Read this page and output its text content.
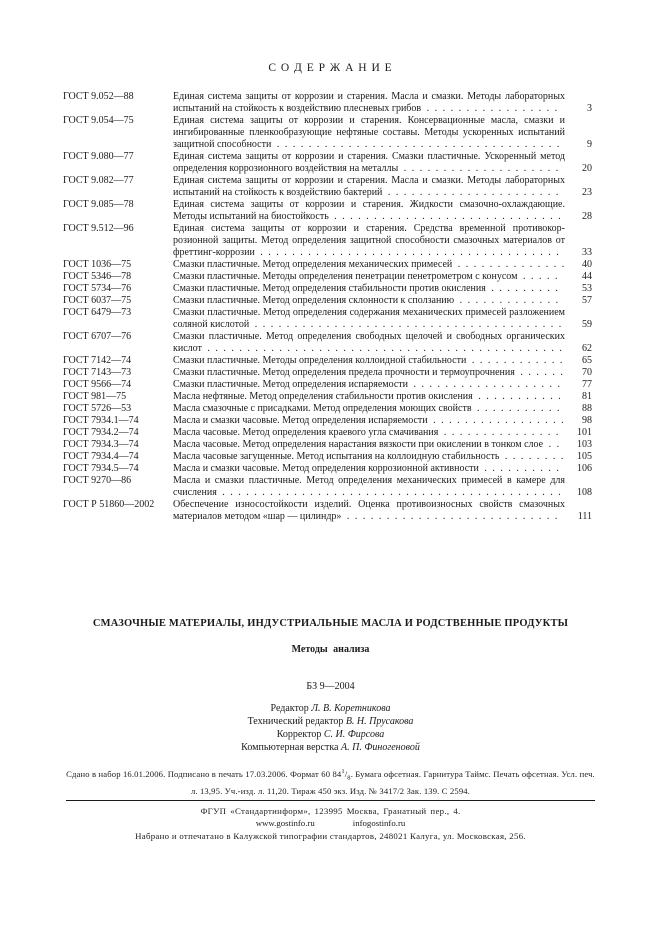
С О Д Е Р Ж А Н И Е
ГОСТ 9.052—88	Единая система защиты от коррозии и старения. Масла и смазки. Методы лабораторных испытаний на стойкость к воздействию плесневых грибов . . . . . . . . . . . . . . . . .	3
ГОСТ 9.054—75	Единая система защиты от коррозии и старения. Консервационные масла, смазки и ингибированные пленкообразующие нефтяные составы. Методы ускоренных испытаний защитной способности . . . . . . . . . . . . . . . . . . . . . . . . . . . . . . . . . . . .	9
ГОСТ 9.080—77	Единая система защиты от коррозии и старения. Смазки пластичные. Ускоренный метод определения коррозионного воздействия на металлы . . . . . . . . . . . . . . . . . . . .	20
ГОСТ 9.082—77	Единая система защиты от коррозии и старения. Масла и смазки. Методы лабораторных испытаний на стойкость к воздействию бактерий . . . . . . . . . . . . . . . . . . . . . .	23
ГОСТ 9.085—78	Единая система защиты от коррозии и старения. Жидкости смазочно-охлаждающие. Методы испытаний на биостойкость . . . . . . . . . . . . . . . . . . . . . . . . . . . . .	28
ГОСТ 9.512—96	Единая система защиты от коррозии и старения. Средства временной противокоррозионной защиты. Метод определения защитной способности смазочных материалов от фреттинг-коррозии . . . . . . . . . . . . . . . . . . . . . . . . . . . . . . . . . . . . . .	33
ГОСТ 1036—75	Смазки пластичные. Метод определения механических примесей . . . . . . . . . . . . . . 40
ГОСТ 5346—78	Смазки пластичные. Методы определения пенетрации пенетрометром с конусом . . . . .	44
ГОСТ 5734—76	Смазки пластичные. Метод определения стабильности против окисления . . . . . . . . .	53
ГОСТ 6037—75	Смазки пластичные. Метод определения склонности к сползанию . . . . . . . . . . . . .	57
ГОСТ 6479—73	Смазки пластичные. Метод определения содержания механических примесей разложением соляной кислотой . . . . . . . . . . . . . . . . . . . . . . . . . . . . . . . . . . . . . . .	59
ГОСТ 6707—76	Смазки пластичные. Метод определения свободных щелочей и свободных органических кислот . . . . . . . . . . . . . . . . . . . . . . . . . . . . . . . . . . . . . . . . . . . . .	62
ГОСТ 7142—74	Смазки пластичные. Методы определения коллоидной стабильности . . . . . . . . . . . . 65
ГОСТ 7143—73	Смазки пластичные. Метод определения предела прочности и термоупрочнения . . . . . . 70
ГОСТ 9566—74	Смазки пластичные. Метод определения испаряемости . . . . . . . . . . . . . . . . . . .	77
ГОСТ 981—75	Масла нефтяные. Метод определения стабильности против окисления . . . . . . . . . . .	81
ГОСТ 5726—53	Масла смазочные с присадками. Метод определения моющих свойств . . . . . . . . . . .	88
ГОСТ 7934.1—74	Масла и смазки часовые. Метод определения испаряемости . . . . . . . . . . . . . . . . . 98
ГОСТ 7934.2—74	Масла часовые. Метод определения краевого угла смачивания . . . . . . . . . . . . . . .	101
ГОСТ 7934.3—74	Масла часовые. Метод определения нарастания вязкости при окислении в тонком слое . .	103
ГОСТ 7934.4—74	Масла часовые загущенные. Метод испытания на коллоидную стабильность . . . . . . . . 105
ГОСТ 7934.5—74	Масла и смазки часовые. Метод определения коррозионной активности . . . . . . . . . .	106
ГОСТ 9270—86	Масла и смазки пластичные. Метод определения механических примесей в камере для счисления . . . . . . . . . . . . . . . . . . . . . . . . . . . . . . . . . . . . . . . . . . .	108
ГОСТ Р 51860—2002 Обеспечение износостойкости изделий. Оценка противоизносных свойств смазочных материалов методом «шар — цилиндр» . . . . . . . . . . . . . . . . . . . . . . . . . . .	111
СМАЗОЧНЫЕ МАТЕРИАЛЫ, ИНДУСТРИАЛЬНЫЕ МАСЛА И РОДСТВЕННЫЕ ПРОДУКТЫ
Методы анализа
БЗ 9—2004
Редактор Л. В. Коретникова
Технический редактор В. Н. Прусакова
Корректор С. И. Фирсова
Компьютерная верстка А. П. Финогеновой

Сдано в набор 16.01.2006. Подписано в печать 17.03.2006. Формат 60 $84^1/_8$. Бумага офсетная. Гарнитура Таймс. Печать офсетная. Усл. печ. л. 13,95. Уч.-изд. л. 11,20. Тираж 450 экз. Изд. № 3417/2 Зак. 139. С 2594.

ФГУП «Стандартинформ», 123995 Москва, Гранатный пер., 4.
www.gostinfo.ru	infogostinfo.ru
Набрано и отпечатано в Калужской типографии стандартов, 248021 Калуга, ул. Московская, 256.
